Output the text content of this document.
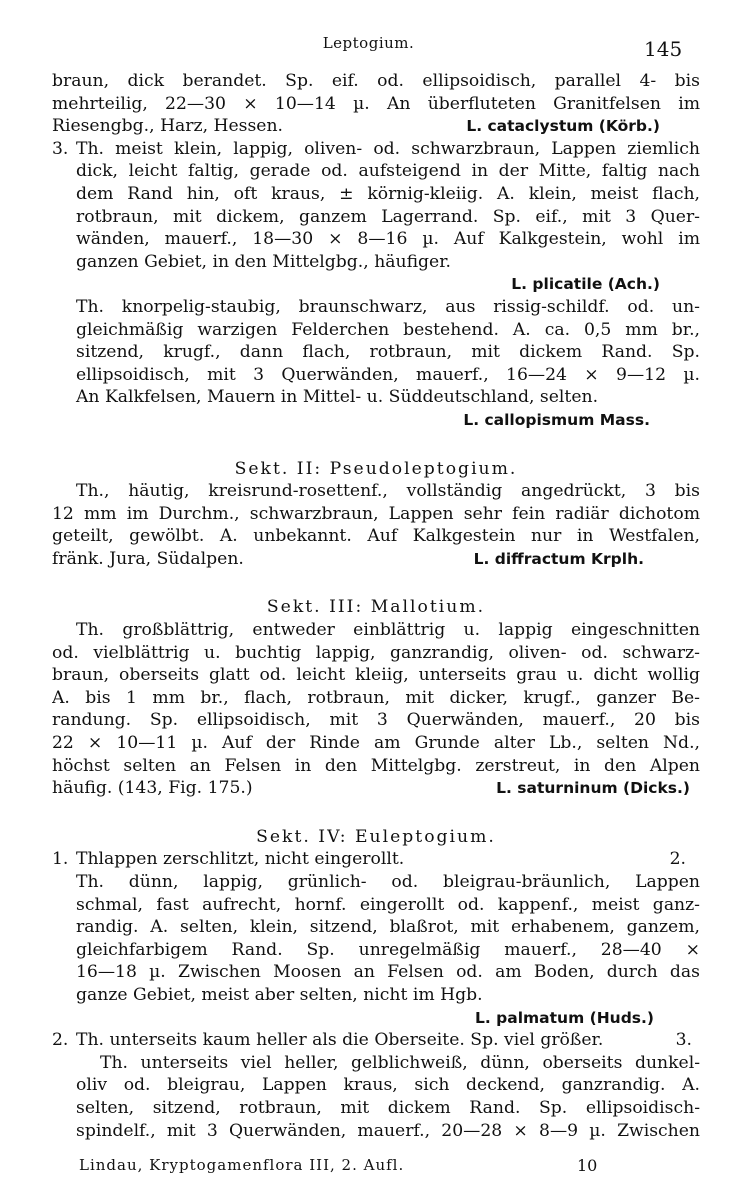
Leptogium.	145
braun, dick berandet. Sp. eif. od. ellipsoidisch, parallel 4- bis
mehrteilig, 22—30 × 10—14 µ. An überfluteten Granitfelsen im
Riesengbg., Harz, Hessen.	L. cataclystum (Körb.)
3. Th. meist klein, lappig, oliven- od. schwarzbraun, Lappen ziemlich
dick, leicht faltig, gerade od. aufsteigend in der Mitte, faltig nach
dem Rand hin, oft kraus, ± körnig-kleiig. A. klein, meist flach,
rotbraun, mit dickem, ganzem Lagerrand. Sp. eif., mit 3 Quer-
wänden, mauerf., 18—30 × 8—16 µ. Auf Kalkgestein, wohl im
ganzen Gebiet, in den Mittelgbg., häufiger.
L. plicatile (Ach.)
Th. knorpelig-staubig, braunschwarz, aus rissig-schildf. od. un-
gleichmäßig warzigen Felderchen bestehend. A. ca. 0,5 mm br.,
sitzend, krugf., dann flach, rotbraun, mit dickem Rand. Sp.
ellipsoidisch, mit 3 Querwänden, mauerf., 16—24 × 9—12 µ.
An Kalkfelsen, Mauern in Mittel- u. Süddeutschland, selten.
L. callopismum Mass.
Sekt. II: Pseudoleptogium.
Th., häutig, kreisrund-rosettenf., vollständig angedrückt, 3 bis
12 mm im Durchm., schwarzbraun, Lappen sehr fein radiär dichotom
geteilt, gewölbt. A. unbekannt. Auf Kalkgestein nur in Westfalen,
fränk. Jura, Südalpen.	L. diffractum Krplh.
Sekt. III: Mallotium.
Th. großblättrig, entweder einblättrig u. lappig eingeschnitten
od. vielblättrig u. buchtig lappig, ganzrandig, oliven- od. schwarz-
braun, oberseits glatt od. leicht kleiig, unterseits grau u. dicht wollig
A. bis 1 mm br., flach, rotbraun, mit dicker, krugf., ganzer Be-
randung. Sp. ellipsoidisch, mit 3 Querwänden, mauerf., 20 bis
22 × 10—11 µ. Auf der Rinde am Grunde alter Lb., selten Nd.,
höchst selten an Felsen in den Mittelgbg. zerstreut, in den Alpen
häufig. (143, Fig. 175.)	L. saturninum (Dicks.)
Sekt. IV: Euleptogium.
1. Thlappen zerschlitzt, nicht eingerollt.	2.
Th. dünn, lappig, grünlich- od. bleigrau-bräunlich, Lappen
schmal, fast aufrecht, hornf. eingerollt od. kappenf., meist ganz-
randig. A. selten, klein, sitzend, blaßrot, mit erhabenem, ganzem,
gleichfarbigem Rand. Sp. unregelmäßig mauerf., 28—40 ×
16—18 µ. Zwischen Moosen an Felsen od. am Boden, durch das
ganze Gebiet, meist aber selten, nicht im Hgb.
L. palmatum (Huds.)
2. Th. unterseits kaum heller als die Oberseite. Sp. viel größer.	3.
Th. unterseits viel heller, gelblichweiß, dünn, oberseits dunkel-
oliv od. bleigrau, Lappen kraus, sich deckend, ganzrandig. A.
selten, sitzend, rotbraun, mit dickem Rand. Sp. ellipsoidisch-
spindelf., mit 3 Querwänden, mauerf., 20—28 × 8—9 µ. Zwischen
Lindau, Kryptogamenflora III, 2. Aufl.	10
